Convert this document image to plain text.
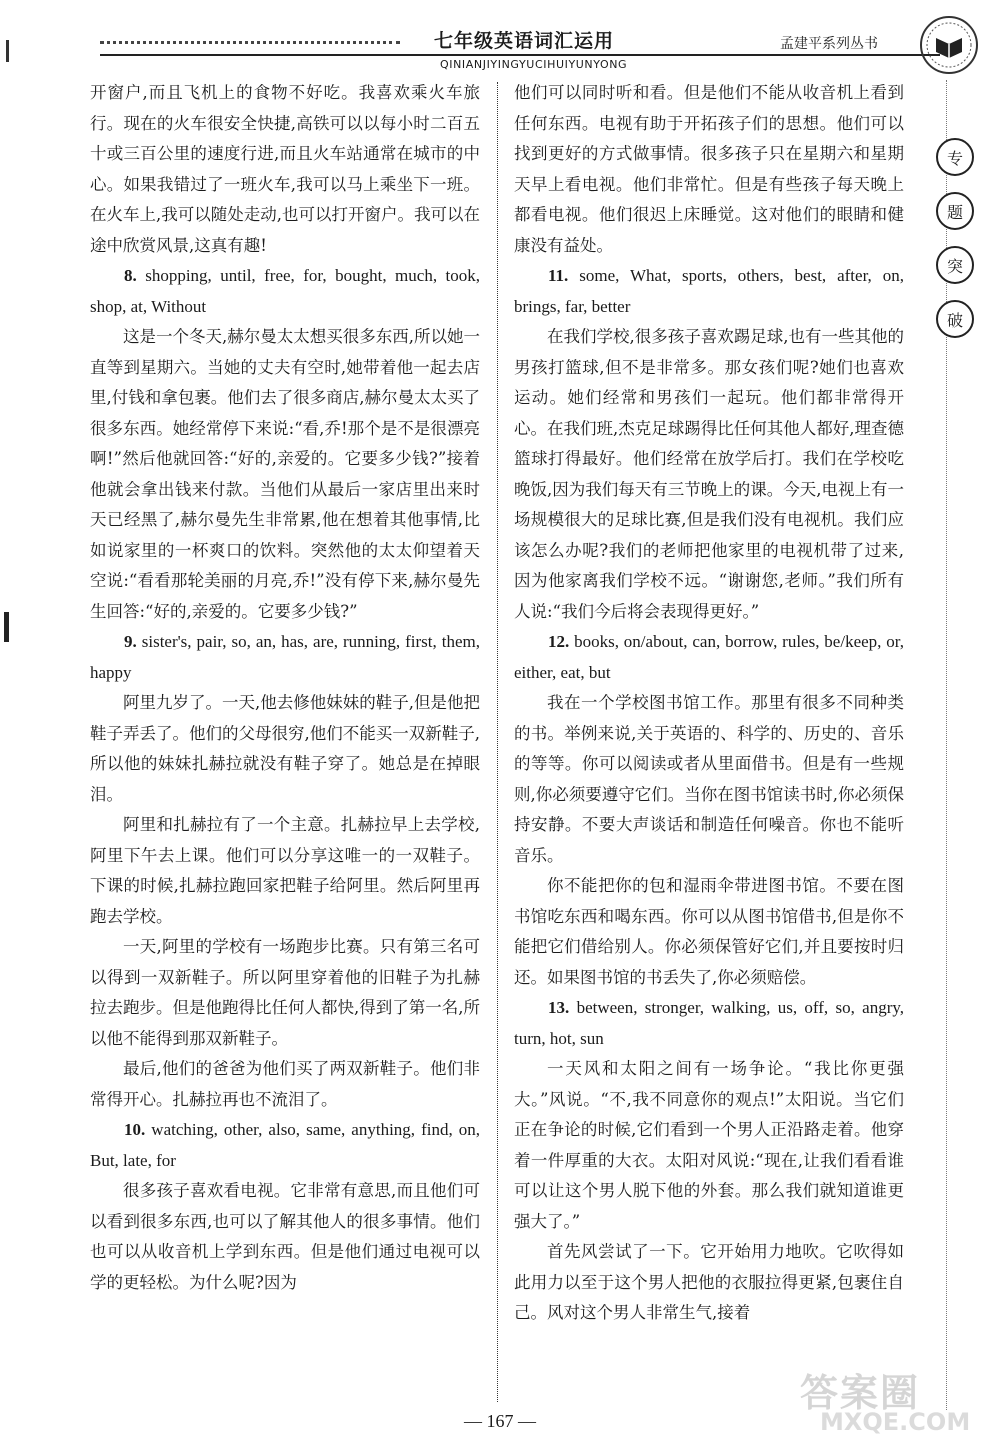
七年级英语词汇运用	孟建平系列丛书
QINIANJIYINGYUCIHUIYUNYONG
专
题
突
破

开窗户,而且飞机上的食物不好吃。我喜欢乘火车旅行。现在的火车很安全快捷,高铁可以以每小时二百五十或三百公里的速度行进,而且火车站通常在城市的中心。如果我错过了一班火车,我可以马上乘坐下一班。在火车上,我可以随处走动,也可以打开窗户。我可以在途中欣赏风景,这真有趣!

8. shopping, until, free, for, bought, much, took, shop, at, Without

这是一个冬天,赫尔曼太太想买很多东西,所以她一直等到星期六。当她的丈夫有空时,她带着他一起去店里,付钱和拿包裹。他们去了很多商店,赫尔曼太太买了很多东西。她经常停下来说:“看,乔!那个是不是很漂亮啊!”然后他就回答:“好的,亲爱的。它要多少钱?”接着他就会拿出钱来付款。当他们从最后一家店里出来时天已经黑了,赫尔曼先生非常累,他在想着其他事情,比如说家里的一杯爽口的饮料。突然他的太太仰望着天空说:“看看那轮美丽的月亮,乔!”没有停下来,赫尔曼先生回答:“好的,亲爱的。它要多少钱?”

9. sister's, pair, so, an, has, are, running, first, them, happy

阿里九岁了。一天,他去修他妹妹的鞋子,但是他把鞋子弄丢了。他们的父母很穷,他们不能买一双新鞋子,所以他的妹妹扎赫拉就没有鞋子穿了。她总是在掉眼泪。

阿里和扎赫拉有了一个主意。扎赫拉早上去学校,阿里下午去上课。他们可以分享这唯一的一双鞋子。下课的时候,扎赫拉跑回家把鞋子给阿里。然后阿里再跑去学校。

一天,阿里的学校有一场跑步比赛。只有第三名可以得到一双新鞋子。所以阿里穿着他的旧鞋子为扎赫拉去跑步。但是他跑得比任何人都快,得到了第一名,所以他不能得到那双新鞋子。

最后,他们的爸爸为他们买了两双新鞋子。他们非常得开心。扎赫拉再也不流泪了。

10. watching, other, also, same, anything, find, on, But, late, for

很多孩子喜欢看电视。它非常有意思,而且他们可以看到很多东西,也可以了解其他人的很多事情。他们也可以从收音机上学到东西。但是他们通过电视可以学的更轻松。为什么呢?因为

他们可以同时听和看。但是他们不能从收音机上看到任何东西。电视有助于开拓孩子们的思想。他们可以找到更好的方式做事情。很多孩子只在星期六和星期天早上看电视。他们非常忙。但是有些孩子每天晚上都看电视。他们很迟上床睡觉。这对他们的眼睛和健康没有益处。

11. some, What, sports, others, best, after, on, brings, far, better

在我们学校,很多孩子喜欢踢足球,也有一些其他的男孩打篮球,但不是非常多。那女孩们呢?她们也喜欢运动。她们经常和男孩们一起玩。他们都非常得开心。在我们班,杰克足球踢得比任何其他人都好,理查德篮球打得最好。他们经常在放学后打。我们在学校吃晚饭,因为我们每天有三节晚上的课。今天,电视上有一场规模很大的足球比赛,但是我们没有电视机。我们应该怎么办呢?我们的老师把他家里的电视机带了过来,因为他家离我们学校不远。“谢谢您,老师。”我们所有人说:“我们今后将会表现得更好。”

12. books, on/about, can, borrow, rules, be/keep, or, either, eat, but

我在一个学校图书馆工作。那里有很多不同种类的书。举例来说,关于英语的、科学的、历史的、音乐的等等。你可以阅读或者从里面借书。但是有一些规则,你必须要遵守它们。当你在图书馆读书时,你必须保持安静。不要大声谈话和制造任何噪音。你也不能听音乐。

你不能把你的包和湿雨伞带进图书馆。不要在图书馆吃东西和喝东西。你可以从图书馆借书,但是你不能把它们借给别人。你必须保管好它们,并且要按时归还。如果图书馆的书丢失了,你必须赔偿。

13. between, stronger, walking, us, off, so, angry, turn, hot, sun

一天风和太阳之间有一场争论。“我比你更强大。”风说。“不,我不同意你的观点!”太阳说。当它们正在争论的时候,它们看到一个男人正沿路走着。他穿着一件厚重的大衣。太阳对风说:“现在,让我们看看谁可以让这个男人脱下他的外套。那么我们就知道谁更强大了。”

首先风尝试了一下。它开始用力地吹。它吹得如此用力以至于这个男人把他的衣服拉得更紧,包裹住自己。风对这个男人非常生气,接着

— 167 —
答案圈
MXQE.COM
